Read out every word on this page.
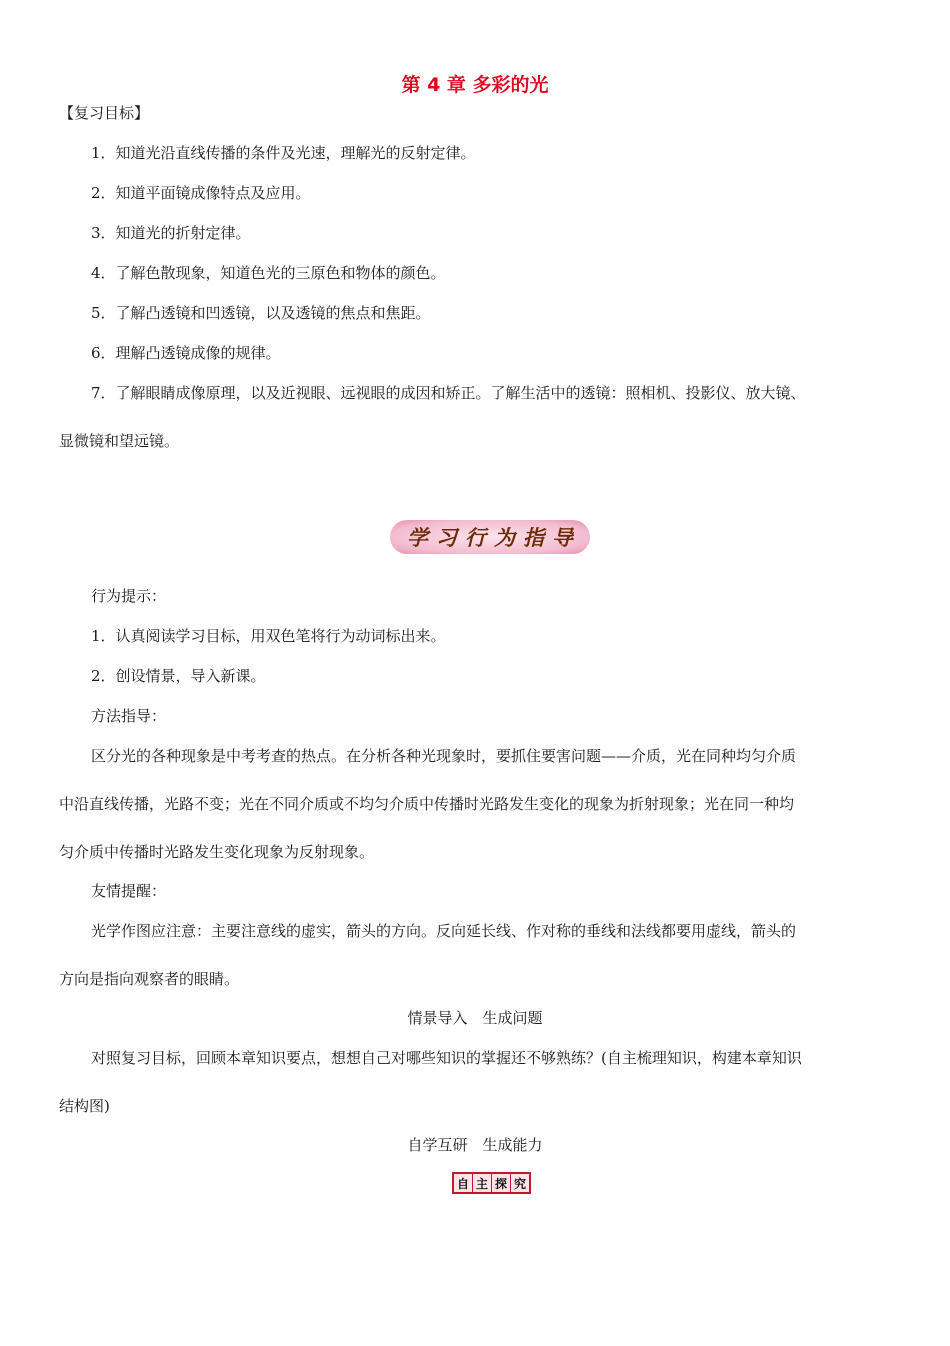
第 4 章 多彩的光
【复习目标】
1．知道光沿直线传播的条件及光速，理解光的反射定律。
2．知道平面镜成像特点及应用。
3．知道光的折射定律。
4．了解色散现象，知道色光的三原色和物体的颜色。
5．了解凸透镜和凹透镜，以及透镜的焦点和焦距。
6．理解凸透镜成像的规律。
7．了解眼睛成像原理，以及近视眼、远视眼的成因和矫正。了解生活中的透镜：照相机、投影仪、放大镜、
显微镜和望远镜。
学 习 行 为 指 导
行为提示：
1．认真阅读学习目标，用双色笔将行为动词标出来。
2．创设情景，导入新课。
方法指导：
区分光的各种现象是中考考查的热点。在分析各种光现象时，要抓住要害问题——介质，光在同种均匀介质
中沿直线传播，光路不变；光在不同介质或不均匀介质中传播时光路发生变化的现象为折射现象；光在同一种均
匀介质中传播时光路发生变化现象为反射现象。
友情提醒：
光学作图应注意：主要注意线的虚实，箭头的方向。反向延长线、作对称的垂线和法线都要用虚线，箭头的
方向是指向观察者的眼睛。
情景导入　生成问题
对照复习目标，回顾本章知识要点，想想自己对哪些知识的掌握还不够熟练？(自主梳理知识，构建本章知识
结构图)
自学互研　生成能力
自 主 探 究
